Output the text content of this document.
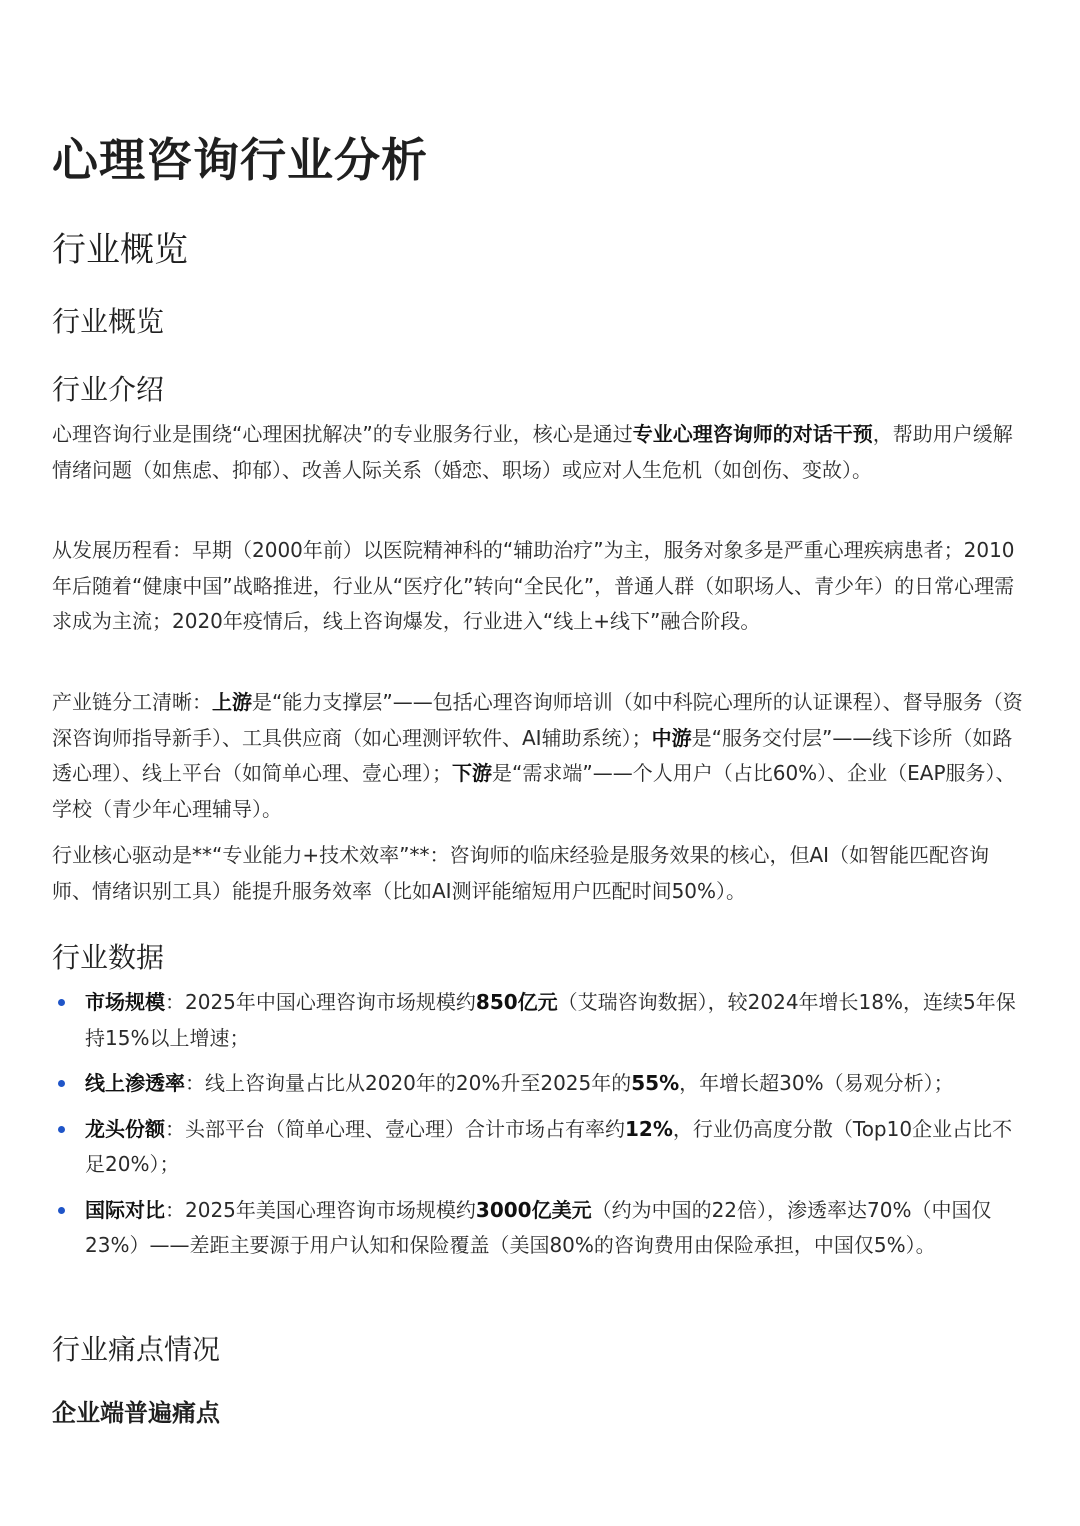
心理咨询行业分析
行业概览
行业概览
行业介绍

心理咨询行业是围绕“心理困扰解决”的专业服务行业，核心是通过专业心理咨询师的对话干预，帮助用户缓解情绪问题（如焦虑、抑郁）、改善人际关系（婚恋、职场）或应对人生危机（如创伤、变故）。

从发展历程看：早期（2000年前）以医院精神科的“辅助治疗”为主，服务对象多是严重心理疾病患者；2010年后随着“健康中国”战略推进，行业从“医疗化”转向“全民化”，普通人群（如职场人、青少年）的日常心理需求成为主流；2020年疫情后，线上咨询爆发，行业进入“线上+线下”融合阶段。

产业链分工清晰：上游是“能力支撑层”——包括心理咨询师培训（如中科院心理所的认证课程）、督导服务（资深咨询师指导新手）、工具供应商（如心理测评软件、AI辅助系统）；中游是“服务交付层”——线下诊所（如路透心理）、线上平台（如简单心理、壹心理）；下游是“需求端”——个人用户（占比60%）、企业（EAP服务）、学校（青少年心理辅导）。

行业核心驱动是**“专业能力+技术效率”**：咨询师的临床经验是服务效果的核心，但AI（如智能匹配咨询师、情绪识别工具）能提升服务效率（比如AI测评能缩短用户匹配时间50%）。

行业数据
市场规模：2025年中国心理咨询市场规模约850亿元（艾瑞咨询数据），较2024年增长18%，连续5年保持15%以上增速；
线上渗透率：线上咨询量占比从2020年的20%升至2025年的55%，年增长超30%（易观分析）；
龙头份额：头部平台（简单心理、壹心理）合计市场占有率约12%，行业仍高度分散（Top10企业占比不足20%）；
国际对比：2025年美国心理咨询市场规模约3000亿美元（约为中国的22倍），渗透率达70%（中国仅23%）——差距主要源于用户认知和保险覆盖（美国80%的咨询费用由保险承担，中国仅5%）。
行业痛点情况
企业端普遍痛点
